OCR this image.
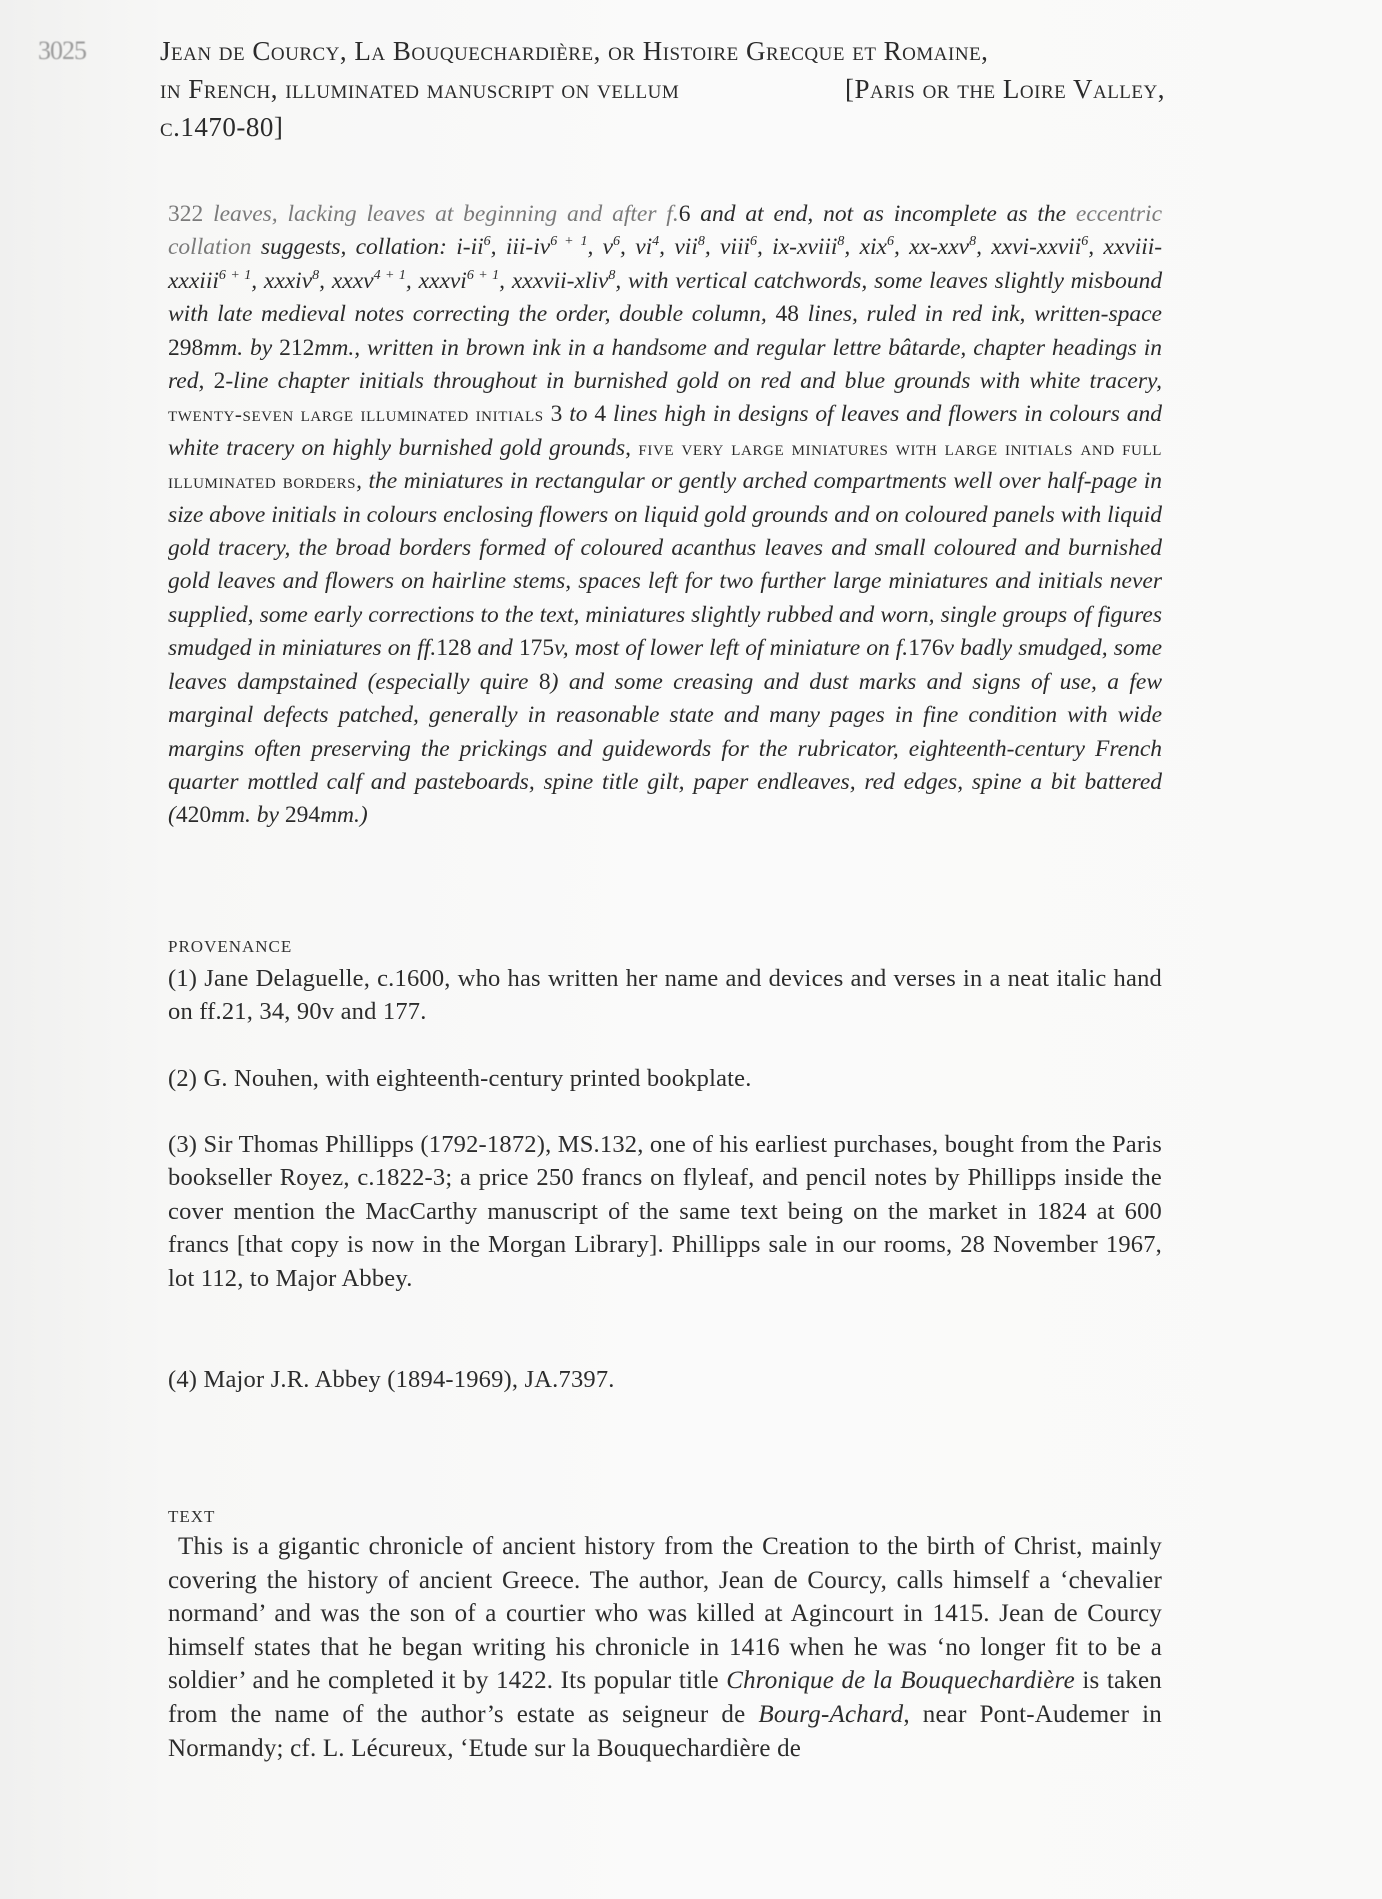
3025	Jean de Courcy, La Bouquechardière, or Histoire Grecque et Romaine,
in French, illuminated manuscript on vellum	[Paris or the Loire Valley,
c.1470-80]
322 leaves, lacking leaves at beginning and after f.6 and at end, not as incomplete as the eccentric collation suggests, collation: $i-ii^6$, iii-$iv^{6 + 1}$, $v^6$, $vi^4$, vii$^8$, viii$^6$, ix-xviii$^8$, xix$^6$, xx-xxv$^8$, xxvi-xxvii$^6$, xxviii-xxxiii$^{6 + 1}$, xxxiv$^8$, xxxv$^{4 + 1}$, xxxvi$^{6 + 1}$, xxxvii-xliv$^8$, with vertical catchwords, some leaves slightly misbound with late medieval notes correcting the order, double column, 48 lines, ruled in red ink, written-space 298mm. by 212mm., written in brown ink in a handsome and regular lettre bâtarde, chapter headings in red, 2-line chapter initials throughout in burnished gold on red and blue grounds with white tracery, twenty-seven large illuminated initials 3 to 4 lines high in designs of leaves and flowers in colours and white tracery on highly burnished gold grounds, five very large miniatures with large initials and full illuminated borders, the miniatures in rectangular or gently arched compartments well over half-page in size above initials in colours enclosing flowers on liquid gold grounds and on coloured panels with liquid gold tracery, the broad borders formed of coloured acanthus leaves and small coloured and burnished gold leaves and flowers on hairline stems, spaces left for two further large miniatures and initials never supplied, some early corrections to the text, miniatures slightly rubbed and worn, single groups of figures smudged in miniatures on ff.128 and 175v, most of lower left of miniature on f.176v badly smudged, some leaves dampstained (especially quire 8) and some creasing and dust marks and signs of use, a few marginal defects patched, generally in reasonable state and many pages in fine condition with wide margins often preserving the prickings and guidewords for the rubricator, eighteenth-century French quarter mottled calf and pasteboards, spine title gilt, paper endleaves, red edges, spine a bit battered (420mm. by 294mm.)
PROVENANCE
(1) Jane Delaguelle, c.1600, who has written her name and devices and verses in a neat italic hand on ff.21, 34, 90v and 177.
(2) G. Nouhen, with eighteenth-century printed bookplate.
(3) Sir Thomas Phillipps (1792-1872), MS.132, one of his earliest purchases, bought from the Paris bookseller Royez, c.1822-3; a price 250 francs on flyleaf, and pencil notes by Phillipps inside the cover mention the MacCarthy manuscript of the same text being on the market in 1824 at 600 francs [that copy is now in the Morgan Library]. Phillipps sale in our rooms, 28 November 1967, lot 112, to Major Abbey.
(4) Major J.R. Abbey (1894-1969), JA.7397.
TEXT
This is a gigantic chronicle of ancient history from the Creation to the birth of Christ, mainly covering the history of ancient Greece. The author, Jean de Courcy, calls himself a ‘chevalier normand’ and was the son of a courtier who was killed at Agincourt in 1415. Jean de Courcy himself states that he began writing his chronicle in 1416 when he was ‘no longer fit to be a soldier’ and he completed it by 1422. Its popular title Chronique de la Bouquechardière is taken from the name of the author’s estate as seigneur de Bourg-Achard, near Pont-Audemer in Normandy; cf. L. Lécureux, ‘Etude sur la Bouquechardière de
